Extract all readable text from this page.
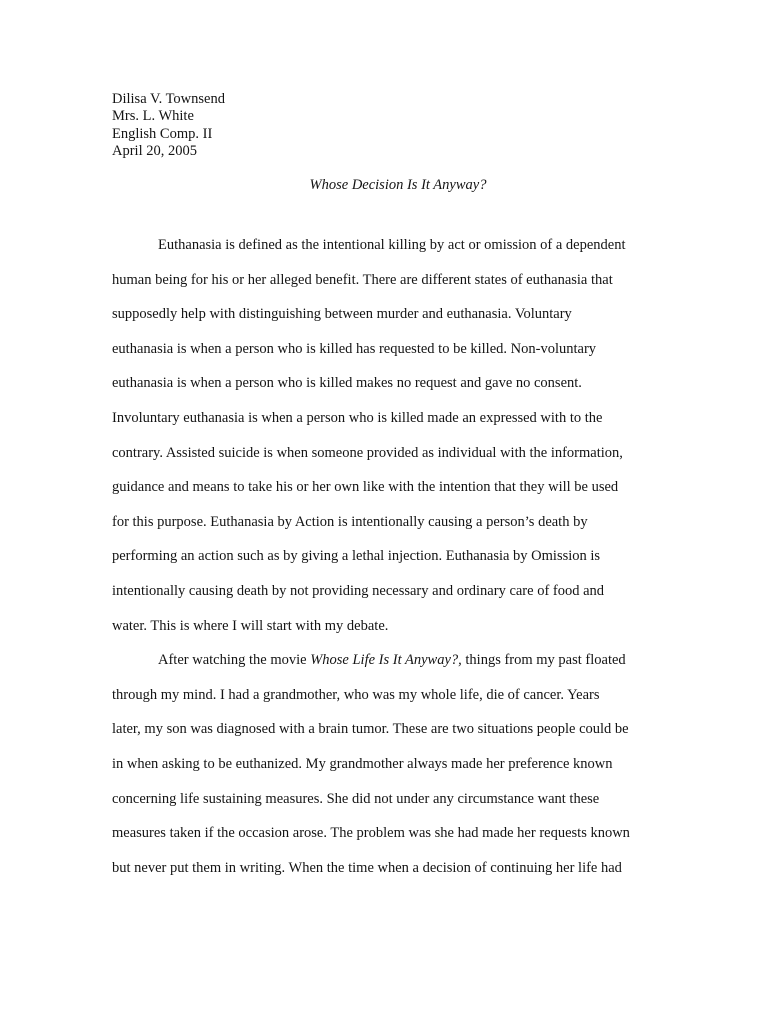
Dilisa V. Townsend
Mrs. L. White
English Comp. II
April 20, 2005
Whose Decision Is It Anyway?
Euthanasia is defined as the intentional killing by act or omission of a dependent
human being for his or her alleged benefit. There are different states of euthanasia that
supposedly help with distinguishing between murder and euthanasia. Voluntary
euthanasia is when a person who is killed has requested to be killed. Non-voluntary
euthanasia is when a person who is killed makes no request and gave no consent.
Involuntary euthanasia is when a person who is killed made an expressed with to the
contrary. Assisted suicide is when someone provided as individual with the information,
guidance and means to take his or her own like with the intention that they will be used
for this purpose. Euthanasia by Action is intentionally causing a person’s death by
performing an action such as by giving a lethal injection. Euthanasia by Omission is
intentionally causing death by not providing necessary and ordinary care of food and
water. This is where I will start with my debate.
After watching the movie Whose Life Is It Anyway?, things from my past floated
through my mind. I had a grandmother, who was my whole life, die of cancer. Years
later, my son was diagnosed with a brain tumor. These are two situations people could be
in when asking to be euthanized. My grandmother always made her preference known
concerning life sustaining measures. She did not under any circumstance want these
measures taken if the occasion arose. The problem was she had made her requests known
but never put them in writing. When the time when a decision of continuing her life had
